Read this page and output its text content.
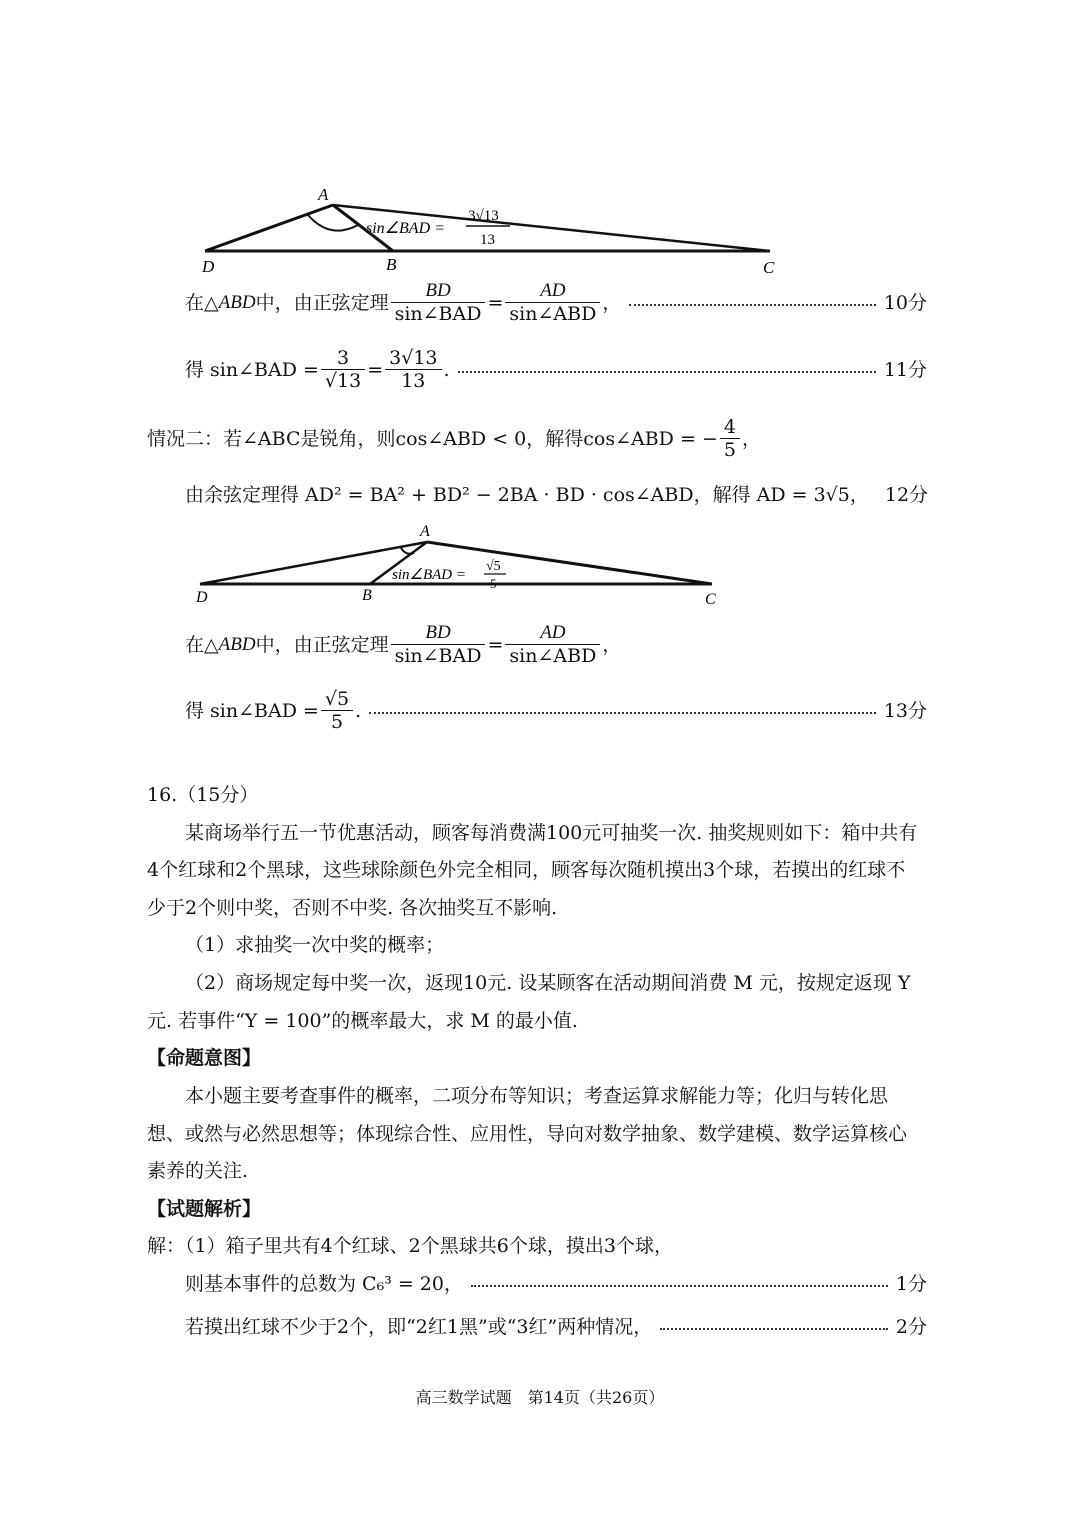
A
D	B	C
sin∠BAD =
3√13
13
在△ ABD 中，由正弦定理 $\frac{BD}{\text{sin∠BAD}} = \frac{AD}{\text{sin∠ABD}}$ ，	10分
得 sin∠BAD = $\frac{3}{√13} = \frac{3√13}{13}$ .	11分
情况二：若∠ABC是锐角，则cos∠ABD < 0，解得cos∠ABD = − $\frac{4}{5}$ ，
由余弦定理得 AD² = BA² + BD² − 2BA · BD · cos∠ABD，解得 AD = 3√5， 12分
A
D	B	C
sin∠BAD =
√5
5
在△ ABD 中，由正弦定理 $\frac{BD}{\text{sin∠BAD}} = \frac{AD}{\text{sin∠ABD}}$ ，
得 sin∠BAD = $\frac{√5}{5}$ .	13分
16.（15分）
某商场举行五一节优惠活动，顾客每消费满100元可抽奖一次. 抽奖规则如下：箱中共有
4个红球和2个黑球，这些球除颜色外完全相同，顾客每次随机摸出3个球，若摸出的红球不
少于2个则中奖，否则不中奖. 各次抽奖互不影响.
（1）求抽奖一次中奖的概率；
（2）商场规定每中奖一次，返现10元. 设某顾客在活动期间消费 M 元，按规定返现 Y
元. 若事件“Y = 100”的概率最大，求 M 的最小值.
【命题意图】
本小题主要考查事件的概率，二项分布等知识；考查运算求解能力等；化归与转化思
想、或然与必然思想等；体现综合性、应用性，导向对数学抽象、数学建模、数学运算核心
素养的关注.
【试题解析】
解：（1）箱子里共有4个红球、2个黑球共6个球，摸出3个球，
则基本事件的总数为 C₆³ = 20，	1分
若摸出红球不少于2个，即“2红1黑”或“3红”两种情况，	2分
高三数学试题　第14页（共26页）
